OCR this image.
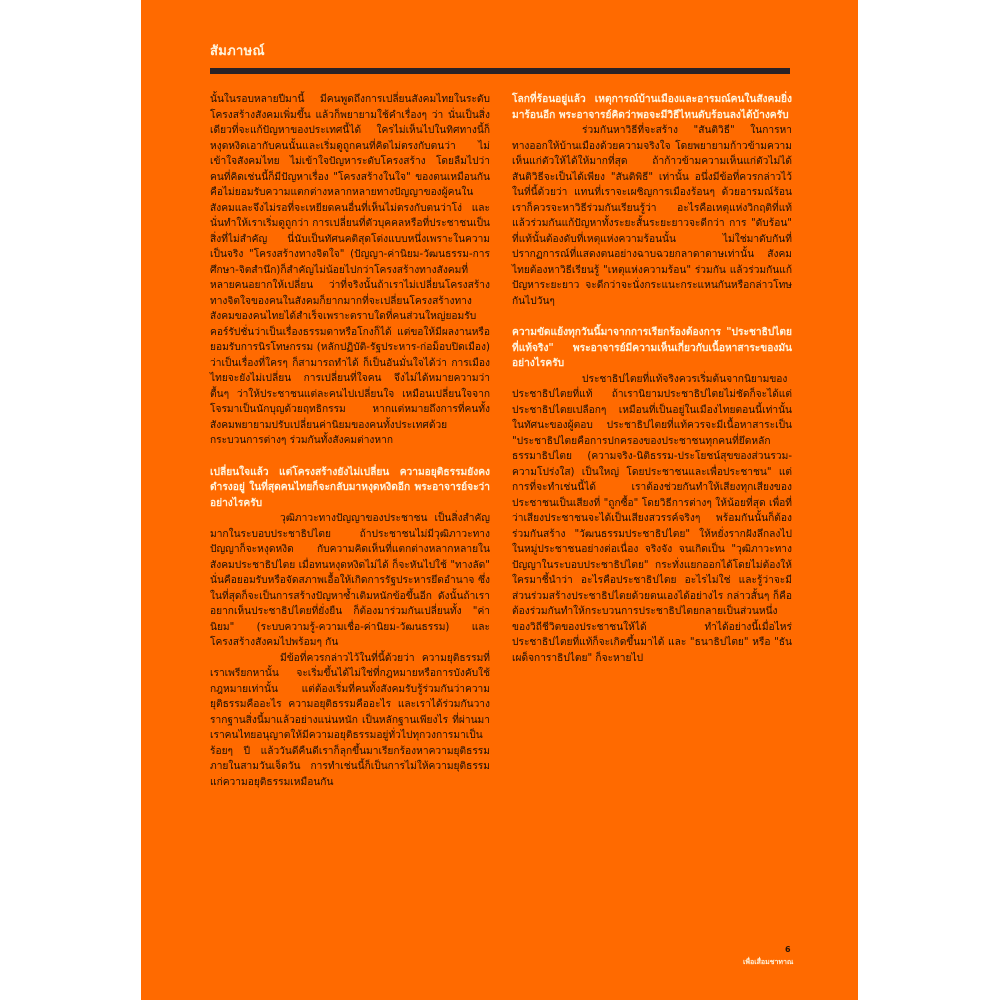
สัมภาษณ์

นั้นในรอบหลายปีมานี้ มีคนพูดถึงการเปลี่ยนสังคมไทยในระดับโครงสร้างสังคมเพิ่มขึ้น แล้วก็พยายามใช้คำเรื่องๆ ว่า นั่นเป็นสิ่งเดียวที่จะแก้ปัญหาของประเทศนี้ได้ ใครไม่เห็นไปในทิศทางนี้ก็หงุดหงิดเอากับคนนั้นและเริ่มดูถูกคนที่คิดไม่ตรงกับตนว่า ไม่เข้าใจสังคมไทย ไม่เข้าใจปัญหาระดับโครงสร้าง โดยลืมไปว่า คนที่คิดเช่นนี้ก็มีปัญหาเรื่อง "โครงสร้างในใจ" ของตนเหมือนกัน คือไม่ยอมรับความแตกต่างหลากหลายทางปัญญาของผู้คนในสังคมและจึงไม่รอที่จะเหยียดคนอื่นที่เห็นไม่ตรงกับตนว่าโง่ และนั่นทำให้เราเริ่มดูถูกว่า การเปลี่ยนที่ตัวบุคคลหรือที่ประชาชนเป็นสิ่งที่ไม่สำคัญ นี่นับเป็นทัศนคติสุดโต่งแบบหนึ่งเพราะในความเป็นจริง "โครงสร้างทางจิตใจ" (ปัญญา-ค่านิยม-วัฒนธรรม-การศึกษา-จิตสำนึก)ก็สำคัญไม่น้อยไปกว่าโครงสร้างทางสังคมที่หลายคนอยากให้เปลี่ยน ว่าที่จริงนั้นถ้าเราไม่เปลี่ยนโครงสร้างทางจิตใจของคนในสังคมก็ยากมากที่จะเปลี่ยนโครงสร้างทางสังคมของคนไทยได้สำเร็จเพราะตราบใดที่คนส่วนใหญ่ยอมรับคอร์รัปชั่นว่าเป็นเรื่องธรรมดาหรือโกงก็ได้ แต่ขอให้มีผลงานหรือยอมรับการนิรโทษกรรม (หลักปฏิบัติ-รัฐประหาร-ก่อม็อบปิดเมือง) ว่าเป็นเรื่องที่ใครๆ ก็สามารถทำได้ ก็เป็นอันมั่นใจได้ว่า การเมืองไทยจะยังไม่เปลี่ยน การเปลี่ยนที่ใจคน จึงไม่ได้หมายความว่าตื้นๆ ว่าให้ประชาชนแต่ละคนไปเปลี่ยนใจ เหมือนเปลี่ยนใจจากโจรมาเป็นนักบุญด้วยฤทธิกรรม หากแต่หมายถึงการที่คนทั้งสังคมพยายามปรับเปลี่ยนค่านิยมของคนทั้งประเทศด้วยกระบวนการต่างๆ ร่วมกันทั้งสังคมต่างหาก

เปลี่ยนใจแล้ว แต่โครงสร้างยังไม่เปลี่ยน ความอยุติธรรมยังคงดำรงอยู่ ในที่สุดคนไทยก็จะกลับมาหงุดหงิดอีก พระอาจารย์จะว่าอย่างไรครับ

วุฒิภาวะทางปัญญาของประชาชน เป็นสิ่งสำคัญมากในระบอบประชาธิปไตย ถ้าประชาชนไม่มีวุฒิภาวะทางปัญญาก็จะหงุดหงิด กับความคิดเห็นที่แตกต่างหลากหลายในสังคมประชาธิปไตย เมื่อทนหงุดหงิดไม่ได้ ก็จะหันไปใช้ "ทางลัด" นั่นคือยอมรับหรือจัดสภาพเอื้อให้เกิดการรัฐประหารยึดอำนาจ ซึ่งในที่สุดก็จะเป็นการสร้างปัญหาซ้ำเติมหนักข้อขึ้นอีก ดังนั้นถ้าเราอยากเห็นประชาธิปไตยที่ยั่งยืน ก็ต้องมาร่วมกันเปลี่ยนทั้ง "ค่านิยม" (ระบบความรู้-ความเชื่อ-ค่านิยม-วัฒนธรรม) และโครงสร้างสังคมไปพร้อมๆ กัน

มีข้อที่ควรกล่าวไว้ในที่นี้ด้วยว่า ความยุติธรรมที่เราเพรียกหานั้น จะเริ่มขึ้นได้ไม่ใช่ที่กฎหมายหรือการบังคับใช้กฎหมายเท่านั้น แต่ต้องเริ่มที่คนทั้งสังคมรับรู้ร่วมกันว่าความยุติธรรมคืออะไร ความอยุติธรรมคืออะไร และเราได้ร่วมกันวางรากฐานสิ่งนี้มาแล้วอย่างแน่นหนัก เป็นหลักฐานเพียงไร ที่ผ่านมาเราคนไทยอนุญาตให้มีความอยุติธรรมอยู่ทั่วไปทุกวงการมาเป็นร้อยๆ ปี แล้ววันดีคืนดีเราก็ลุกขึ้นมาเรียกร้องหาความยุติธรรมภายในสามวันเจ็ดวัน การทำเช่นนี้ก็เป็นการไม่ให้ความยุติธรรมแก่ความอยุติธรรมเหมือนกัน

โลกที่ร้อนอยู่แล้ว เหตุการณ์บ้านเมืองและอารมณ์คนในสังคมยิ่งมาร้อนอีก พระอาจารย์คิดว่าพอจะมีวิธีไหนดับร้อนลงได้บ้างครับ

ร่วมกันหาวิธีที่จะสร้าง "สันติวิธี" ในการหาทางออกให้บ้านเมืองด้วยความจริงใจ โดยพยายามก้าวข้ามความเห็นแก่ตัวให้ได้ให้มากที่สุด ถ้าก้าวข้ามความเห็นแก่ตัวไม่ได้ สันติวิธีจะเป็นได้เพียง "สันติพิธี" เท่านั้น อนึ่งมีข้อที่ควรกล่าวไว้ในที่นี้ด้วยว่า แทนที่เราจะเผชิญการเมืองร้อนๆ ด้วยอารมณ์ร้อน เราก็ควรจะหาวิธีร่วมกันเรียนรู้ว่า อะไรคือเหตุแห่งวิกฤติที่แท้ แล้วร่วมกันแก้ปัญหาทั้งระยะสั้นระยะยาวจะดีกว่า การ "ดับร้อน" ที่แท้นั้นต้องดับที่เหตุแห่งความร้อนนั้น ไม่ใช่มาดับกันที่ปรากฏการณ์ที่แสดงตนอย่างฉาบฉวยกลาดาดาษเท่านั้น สังคมไทยต้องหาวิธีเรียนรู้ "เหตุแห่งความร้อน" ร่วมกัน แล้วร่วมกันแก้ปัญหาระยะยาว จะดีกว่าจะนั่งกระแนะกระแหนกันหรือกล่าวโทษกันไปวันๆ

ความขัดแย้งทุกวันนี้มาจากการเรียกร้องต้องการ "ประชาธิปไตยที่แท้จริง" พระอาจารย์มีความเห็นเกี่ยวกับเนื้อหาสาระของมันอย่างไรครับ

ประชาธิปไตยที่แท้จริงควรเริ่มต้นจากนิยามของประชาธิปไตยที่แท้ ถ้าเรานิยามประชาธิปไตยไม่ชัดก็จะได้แต่ประชาธิปไตยเปลือกๆ เหมือนที่เป็นอยู่ในเมืองไทยตอนนี้เท่านั้น ในทัศนะของผู้ตอบ ประชาธิปไตยที่แท้ควรจะมีเนื้อหาสาระเป็น "ประชาธิปไตยคือการปกครองของประชาชนทุกคนที่ยึดหลักธรรมาธิปไตย (ความจริง-นิติธรรม-ประโยชน์สุขของส่วนรวม-ความโปร่งใส) เป็นใหญ่ โดยประชาชนและเพื่อประชาชน" แต่การที่จะทำเช่นนี้ได้ เราต้องช่วยกันทำให้เสียงทุกเสียงของประชาชนเป็นเสียงที่ "ถูกซื้อ" โดยวิธีการต่างๆ ให้น้อยที่สุด เพื่อที่ว่าเสียงประชาชนจะได้เป็นเสียงสวรรค์จริงๆ พร้อมกันนั้นก็ต้องร่วมกันสร้าง "วัฒนธรรมประชาธิปไตย" ให้หยั่งรากฝังลึกลงไปในหมู่ประชาชนอย่างต่อเนื่อง จริงจัง จนเกิดเป็น "วุฒิภาวะทางปัญญาในระบอบประชาธิปไตย" กระทั่งแยกออกได้โดยไม่ต้องให้ใครมาชี้นำว่า อะไรคือประชาธิปไตย อะไรไม่ใช่ และรู้ว่าจะมีส่วนร่วมสร้างประชาธิปไตยด้วยตนเองได้อย่างไร กล่าวสั้นๆ ก็คือ ต้องร่วมกันทำให้กระบวนการประชาธิปไตยกลายเป็นส่วนหนึ่งของวิถีชีวิตของประชาชนให้ได้ ทำได้อย่างนี้เมื่อไหร่ ประชาธิปไตยที่แท้ก็จะเกิดขึ้นมาได้ และ "ธนาธิปไตย" หรือ "ธันเผด็จการาธิปไตย" ก็จะหายไป

6
เพื่อเสื่อมชาทาณ
